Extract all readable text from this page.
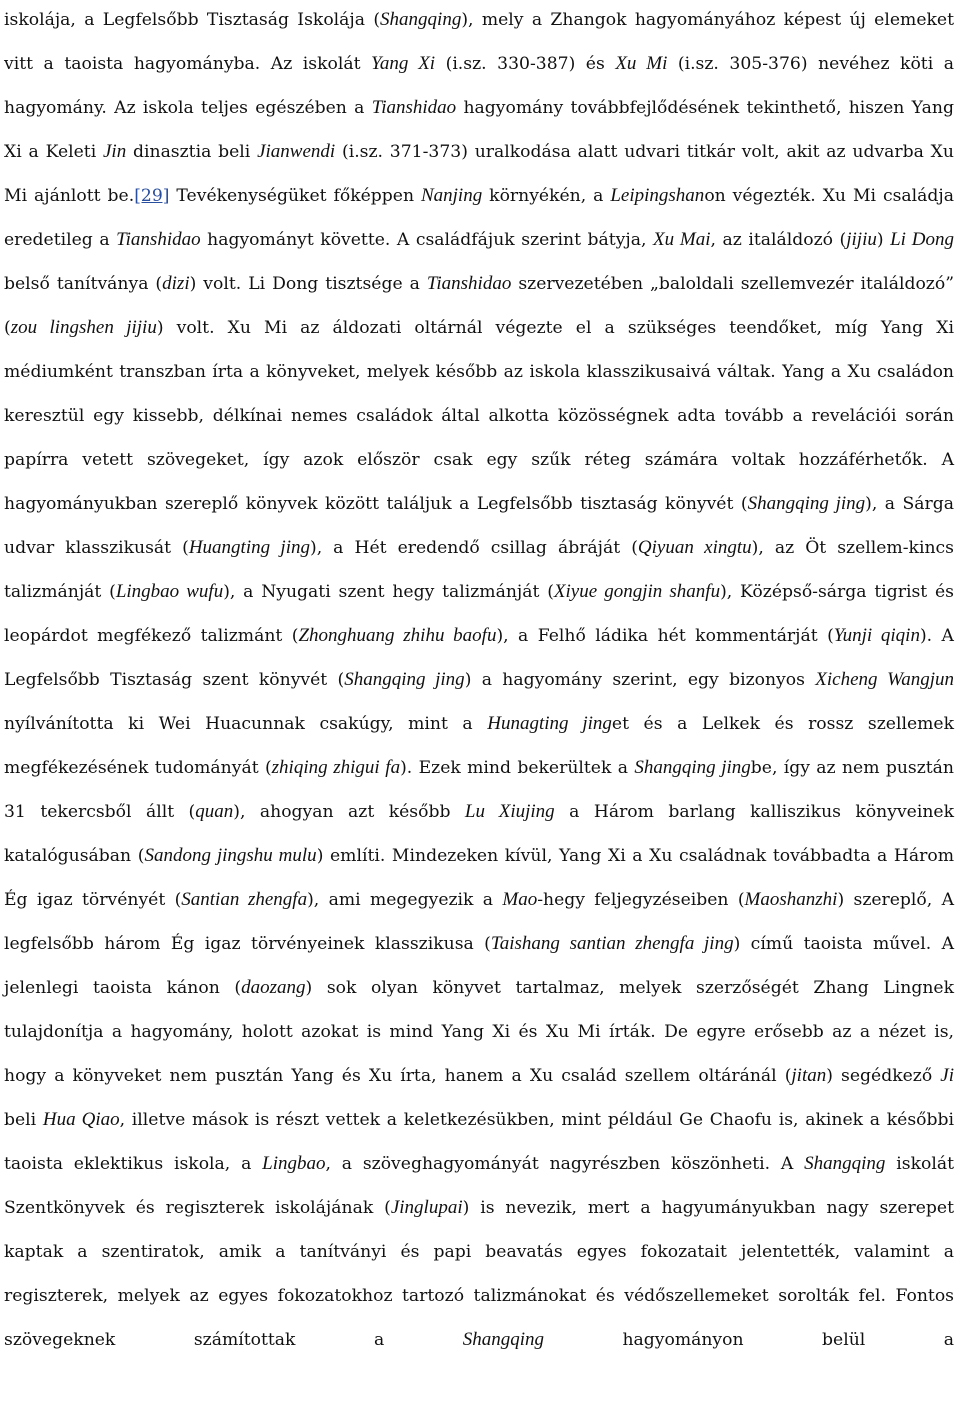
iskolája, a Legfelsőbb Tisztaság Iskolája (Shangqing), mely a Zhangok hagyományához képest új elemeket vitt a taoista hagyományba. Az iskolát Yang Xi (i.sz. 330-387) és Xu Mi (i.sz. 305-376) nevéhez köti a hagyomány. Az iskola teljes egészében a Tianshidao hagyomány továbbfejlődésének tekinthető, hiszen Yang Xi a Keleti Jin dinasztia beli Jianwendi (i.sz. 371-373) uralkodása alatt udvari titkár volt, akit az udvarba Xu Mi ajánlott be.[29] Tevékenységüket főképpen Nanjing környékén, a Leipingshanon végezték. Xu Mi családja eredetileg a Tianshidao hagyományt követte. A családfájuk szerint bátyja, Xu Mai, az italáldozó (jijiu) Li Dong belső tanítványa (dizi) volt. Li Dong tisztsége a Tianshidao szervezetében „baloldali szellemvezér italáldozó” (zou lingshen jijiu) volt. Xu Mi az áldozati oltárnál végezte el a szükséges teendőket, míg Yang Xi médiumként transzban írta a könyveket, melyek később az iskola klasszikusaivá váltak. Yang a Xu családon keresztül egy kissebb, délkínai nemes családok által alkotta közösségnek adta tovább a revelációi során papírra vetett szövegeket, így azok először csak egy szűk réteg számára voltak hozzáférhetők. A hagyományukban szereplő könyvek között találjuk a Legfelsőbb tisztaság könyvét (Shangqing jing), a Sárga udvar klasszikusát (Huangting jing), a Hét eredendő csillag ábráját (Qiyuan xingtu), az Öt szellem-kincs talizmánját (Lingbao wufu), a Nyugati szent hegy talizmánját (Xiyue gongjin shanfu), Középső-sárga tigrist és leopárdot megfékező talizmánt (Zhonghuang zhihu baofu), a Felhő ládika hét kommentárját (Yunji qiqin). A Legfelsőbb Tisztaság szent könyvét (Shangqing jing) a hagyomány szerint, egy bizonyos Xicheng Wangjun nyílvánította ki Wei Huacunnak csakúgy, mint a Hunagting jinget és a Lelkek és rossz szellemek megfékezésének tudományát (zhiqing zhigui fa). Ezek mind bekerültek a Shangqing jingbe, így az nem pusztán 31 tekercsből állt (quan), ahogyan azt később Lu Xiujing a Három barlang kalliszikus könyveinek katalógusában (Sandong jingshu mulu) említi. Mindezeken kívül, Yang Xi a Xu családnak továbbadta a Három Ég igaz törvényét (Santian zhengfa), ami megegyezik a Mao-hegy feljegyzéseiben (Maoshanzhi) szereplő, A legfelsőbb három Ég igaz törvényeinek klasszikusa (Taishang santian zhengfa jing) című taoista művel. A jelenlegi taoista kánon (daozang) sok olyan könyvet tartalmaz, melyek szerzőségét Zhang Lingnek tulajdonítja a hagyomány, holott azokat is mind Yang Xi és Xu Mi írták. De egyre erősebb az a nézet is, hogy a könyveket nem pusztán Yang és Xu írta, hanem a Xu család szellem oltáránál (jitan) segédkező Ji beli Hua Qiao, illetve mások is részt vettek a keletkezésükben, mint például Ge Chaofu is, akinek a későbbi taoista eklektikus iskola, a Lingbao, a szöveghagyományát nagyrészben köszönheti. A Shangqing iskolát Szentkönyvek és regiszterek iskolájának (Jinglupai) is nevezik, mert a hagyumányukban nagy szerepet kaptak a szentiratok, amik a tanítványi és papi beavatás egyes fokozatait jelentették, valamint a regiszterek, melyek az egyes fokozatokhoz tartozó talizmánokat és védőszellemeket sorolták fel. Fontos szövegeknek számítottak a Shangqing hagyományon belül a
